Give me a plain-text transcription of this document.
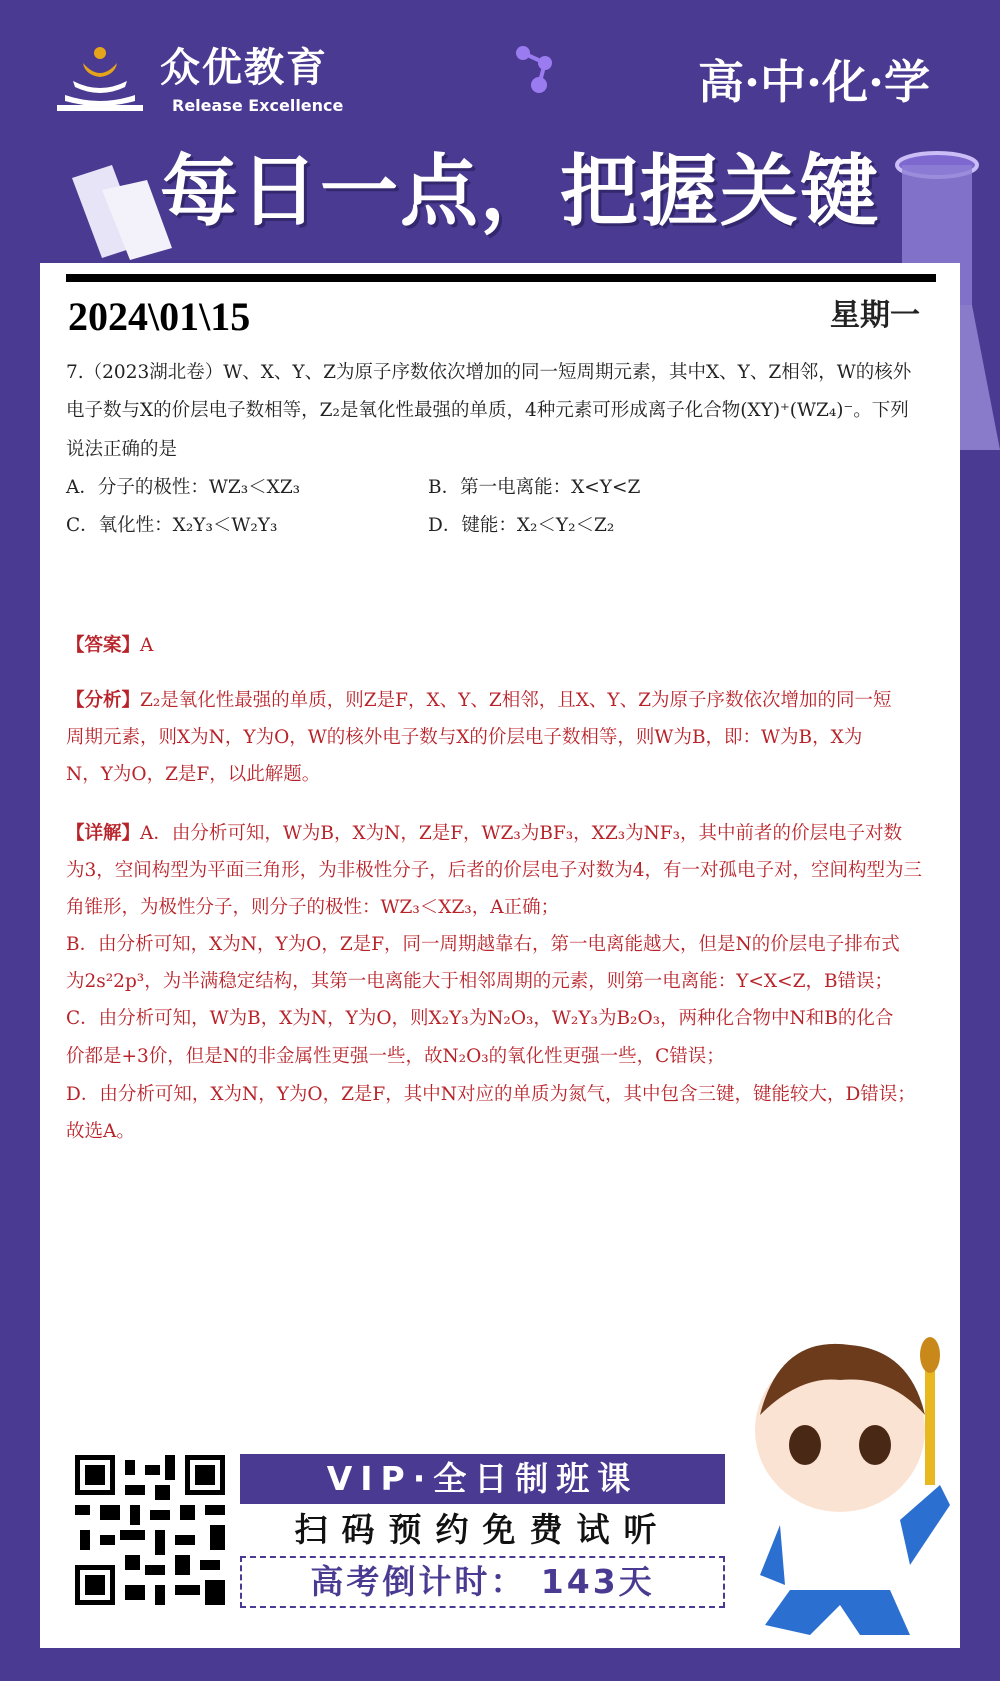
众优教育
Release Excellence	高·中·化·学
每日一点，把握关键
2024\01\15	星期一
7.（2023湖北卷）W、X、Y、Z为原子序数依次增加的同一短周期元素，其中X、Y、Z相邻，W的核外
电子数与X的价层电子数相等，Z₂是氧化性最强的单质，4种元素可形成离子化合物(XY)⁺(WZ₄)⁻。下列
说法正确的是
A．分子的极性：WZ₃＜XZ₃	B．第一电离能：X<Y<Z
C．氧化性：X₂Y₃＜W₂Y₃	D．键能：X₂＜Y₂＜Z₂
【答案】A
【分析】Z₂是氧化性最强的单质，则Z是F，X、Y、Z相邻，且X、Y、Z为原子序数依次增加的同一短
周期元素，则X为N，Y为O，W的核外电子数与X的价层电子数相等，则W为B，即：W为B，X为
N，Y为O，Z是F，以此解题。
【详解】A．由分析可知，W为B，X为N，Z是F，WZ₃为BF₃，XZ₃为NF₃，其中前者的价层电子对数
为3，空间构型为平面三角形，为非极性分子，后者的价层电子对数为4，有一对孤电子对，空间构型为三
角锥形，为极性分子，则分子的极性：WZ₃＜XZ₃，A正确；
B．由分析可知，X为N，Y为O，Z是F，同一周期越靠右，第一电离能越大，但是N的价层电子排布式
为2s²2p³，为半满稳定结构，其第一电离能大于相邻周期的元素，则第一电离能：Y<X<Z，B错误；
C．由分析可知，W为B，X为N，Y为O，则X₂Y₃为N₂O₃，W₂Y₃为B₂O₃，两种化合物中N和B的化合
价都是+3价，但是N的非金属性更强一些，故N₂O₃的氧化性更强一些，C错误；
D．由分析可知，X为N，Y为O，Z是F，其中N对应的单质为氮气，其中包含三键，键能较大，D错误；
故选A。
VIP·全日制班课
扫码预约免费试听
高考倒计时： 143天
